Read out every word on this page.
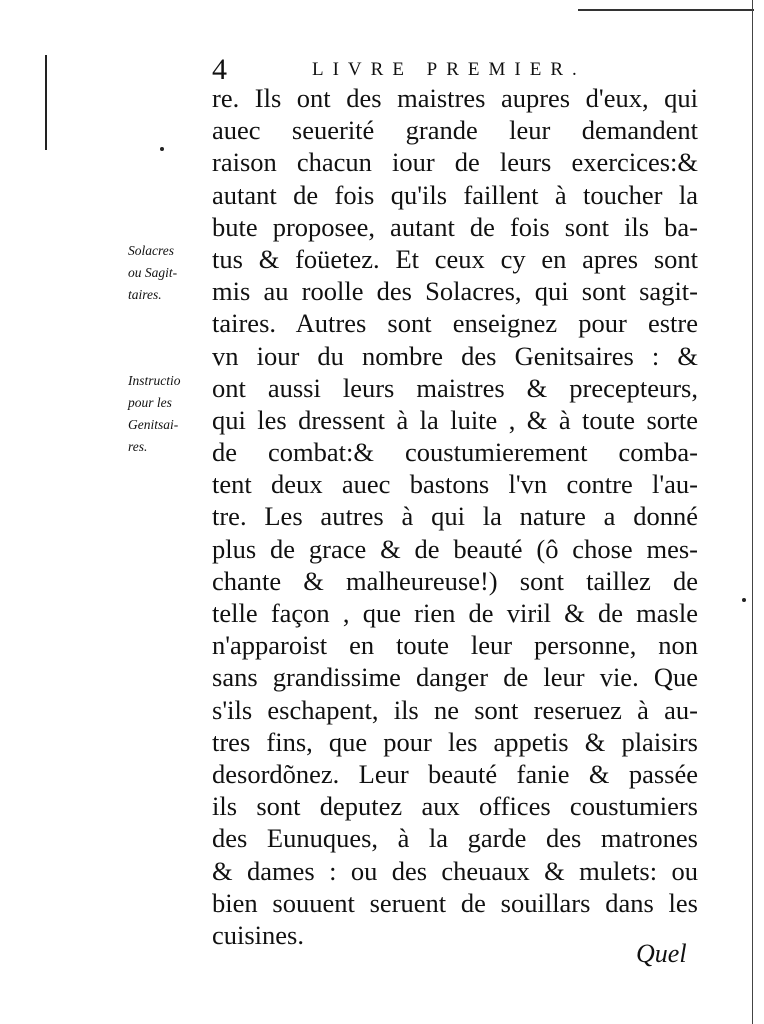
4	LIVRE PREMIER.
Solacres
ou Sagit-
taires.
Instructio
pour les
Genitsai-
res.
re. Ils ont des maistres aupres d'eux, qui
auec seuerité grande leur demandent
raison chacun iour de leurs exercices:&
autant de fois qu'ils faillent à toucher la
bute proposee, autant de fois sont ils ba-
tus & foüetez. Et ceux cy en apres sont
mis au roolle des Solacres, qui sont sagit-
taires. Autres sont enseignez pour estre
vn iour du nombre des Genitsaires : &
ont aussi leurs maistres & precepteurs,
qui les dressent à la luite , & à toute sorte
de combat:& coustumierement comba-
tent deux auec bastons l'vn contre l'au-
tre. Les autres à qui la nature a donné
plus de grace & de beauté (ô chose mes-
chante & malheureuse!) sont taillez de
telle façon , que rien de viril & de masle
n'apparoist en toute leur personne, non
sans grandissime danger de leur vie. Que
s'ils eschapent, ils ne sont reseruez à au-
tres fins, que pour les appetis & plaisirs
desordõnez. Leur beauté fanie & passée
ils sont deputez aux offices coustumiers
des Eunuques, à la garde des matrones
& dames : ou des cheuaux & mulets: ou
bien souuent seruent de souillars dans les
cuisines.
Quel
